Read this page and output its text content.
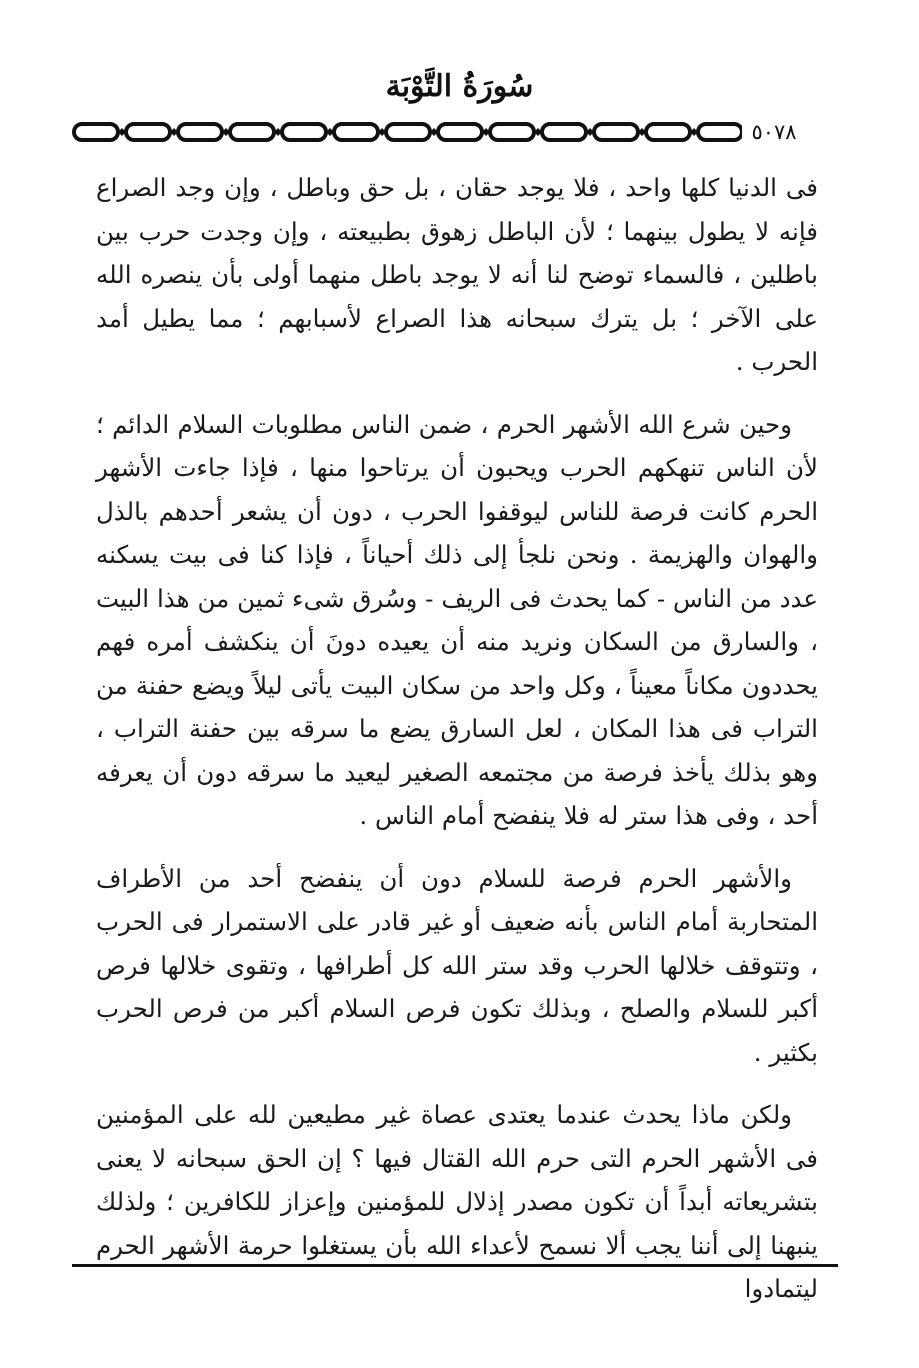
سُورَةُ التَّوْبَة
٥٠٧٨

فى الدنيا كلها واحد ، فلا يوجد حقان ، بل حق وباطل ، وإن وجد الصراع فإنه لا يطول بينهما ؛ لأن الباطل زهوق بطبيعته ، وإن وجدت حرب بين باطلين ، فالسماء توضح لنا أنه لا يوجد باطل منهما أولى بأن ينصره الله على الآخر ؛ بل يترك سبحانه هذا الصراع لأسبابهم ؛ مما يطيل أمد الحرب .

وحين شرع الله الأشهر الحرم ، ضمن الناس مطلوبات السلام الدائم ؛ لأن الناس تنهكهم الحرب ويحبون أن يرتاحوا منها ، فإذا جاءت الأشهر الحرم كانت فرصة للناس ليوقفوا الحرب ، دون أن يشعر أحدهم بالذل والهوان والهزيمة . ونحن نلجأ إلى ذلك أحياناً ، فإذا كنا فى بيت يسكنه عدد من الناس - كما يحدث فى الريف - وسُرق شىء ثمين من هذا البيت ، والسارق من السكان ونريد منه أن يعيده دونَ أن ينكشف أمره فهم يحددون مكاناً معيناً ، وكل واحد من سكان البيت يأتى ليلاً ويضع حفنة من التراب فى هذا المكان ، لعل السارق يضع ما سرقه بين حفنة التراب ، وهو بذلك يأخذ فرصة من مجتمعه الصغير ليعيد ما سرقه دون أن يعرفه أحد ، وفى هذا ستر له فلا ينفضح أمام الناس .

والأشهر الحرم فرصة للسلام دون أن ينفضح أحد من الأطراف المتحاربة أمام الناس بأنه ضعيف أو غير قادر على الاستمرار فى الحرب ، وتتوقف خلالها الحرب وقد ستر الله كل أطرافها ، وتقوى خلالها فرص أكبر للسلام والصلح ، وبذلك تكون فرص السلام أكبر من فرص الحرب بكثير .

ولكن ماذا يحدث عندما يعتدى عصاة غير مطيعين لله على المؤمنين فى الأشهر الحرم التى حرم الله القتال فيها ؟ إن الحق سبحانه لا يعنى بتشريعاته أبداً أن تكون مصدر إذلال للمؤمنين وإعزاز للكافرين ؛ ولذلك ينبهنا إلى أننا يجب ألا نسمح لأعداء الله بأن يستغلوا حرمة الأشهر الحرم ليتمادوا
